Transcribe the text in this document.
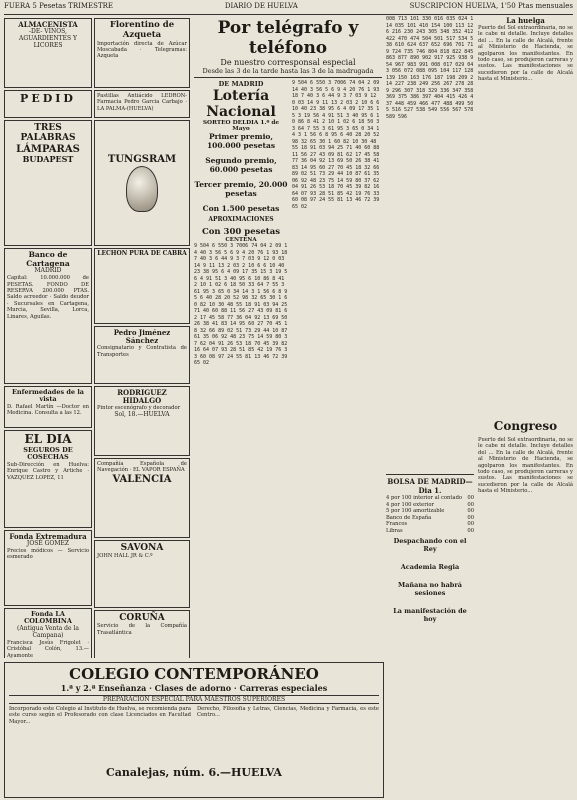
FUERA 5 Pesetas TRIMESTRE	DIARIO DE HUELVA	SUSCRIPCION HUELVA, 1'50 Ptas mensuales
ALMACENISTA
-DE- VINOS, AGUARDIENTES Y LICORES
PEDID
TRES PALABRAS
LÁMPARAS
BUDAPEST
Banco de Cartagena
MADRID
Capital: 10.000.000 de PESETAS. FONDO DE RESERVA 200.000 PTAS. Saldo acreedor · Saldo deudor · Sucursales en Cartagena, Murcia, Sevilla, Lorca, Linares, Aguilas.
Enfermedades de la vista
D. Rafael Martín —Doctor en Medicina. Consulta a las 12.
EL DIA
SEGUROS DE COSECHAS
Sub-Dirección en Huelva: Enrique Castro y Artiche · VAZQUEZ LOPEZ, 11
Fonda Extremadura
JOSÉ GOMEZ
Precios módicos — Servicio esmerado
Fonda LA COLOMBINA
(Antigua Venta de la Campana)
Francisca Jesús Frigolet · Cristóbal Colón, 13.—Ayamonte
Florentino de Azqueta
Importación directa de Azúcar Moscabada · Telegramas: Azqueta
Pastillas Antiácido LEDRON-Farmacia Pedro Garcia Carbajo · LA PALMA-(HUELVA)
TUNGSRAM
LECHON PURA DE CABRA
Pedro Jiménez Sánchez
Consignatario y Contratista de Transportes
RODRIGUEZ HIDALGO
Pintor escenógrafo y decorador
Sol, 18.—HUELVA
Compañía Española de Navegación · EL VAPOR ESPAÑA
VALENCIA
SAVONA
JOHN HALL JR & C.º
CORUÑA
Servicio de la Compañía Trasatlántica
Por telégrafo y teléfono
De nuestro corresponsal especial
Desde las 3 de la tarde hasta las 3 de la madrugada
DE MADRID
Lotería Nacional
SORTEO DELDIA 1.º de Mayo
Primer premio, 100.000 pesetas
Segundo premio, 60.000 pesetas
Tercer premio, 20.000 pesetas
Con 1.500 pesetas
APROXIMACIONES
Con 300 pesetas
CENTENA
9 504 6 550 3 7006 74 04 2 09 14 40 3 56 5 6 9 4 20 76 1 93 18 7 40 3 6 44 9 3 7 03 9 12 0 03 14 9 11 13 2 03 2 10 6 6 10 40 23 38 95 6 4 09 17 35 15 3 19 56 4 91 51 3 40 95 6 10 86 8 41 2 10 1 02 6 18 50 33 64 7 55 3 61 95 3 65 0 34 14 3 1 56 6 8 95 6 40 28 20 52 98 32 65 30 1 60 82 10 30 48 55 18 91 03 94 25 71 40 60 88 11 56 27 43 09 81 62 17 45 58 77 36 04 92 13 69 50 26 38 41 83 14 95 60 27 70 45 18 32 66 89 02 51 73 29 44 10 87 61 35 06 92 48 23 75 14 59 80 37 62 04 91 26 53 18 70 45 39 82 16 64 07 93 28 51 85 42 19 76 33 60 08 97 24 55 81 13 46 72 39 65 02
9 504 6 550 3 7006 74 04 2 09 14 40 3 56 5 6 9 4 20 76 1 93 18 7 40 3 6 44 9 3 7 03 9 12 0 03 14 9 11 13 2 03 2 10 6 6 10 40 23 38 95 6 4 09 17 35 15 3 19 56 4 91 51 3 40 95 6 10 86 8 41 2 10 1 02 6 18 50 33 64 7 55 3 61 95 3 65 0 34 14 3 1 56 6 8 95 6 40 28 20 52 98 32 65 30 1 60 82 10 30 48 55 18 91 03 94 25 71 40 60 88 11 56 27 43 09 81 62 17 45 58 77 36 04 92 13 69 50 26 38 41 83 14 95 60 27 70 45 18 32 66 89 02 51 73 29 44 10 87 61 35 06 92 48 23 75 14 59 80 37 62 04 91 26 53 18 70 45 39 82 16 64 07 93 28 51 85 42 19 76 33 60 08 97 24 55 81 13 46 72 39 65 02
008 713 101 330 016 035 024 114 035 101 410 154 100 113 126 216 230 243 305 348 352 412 422 470 474 504 501 517 534 538 610 624 637 652 696 701 719 724 735 746 804 818 822 845 863 877 890 902 917 925 938 954 967 983 991 008 017 029 043 056 072 088 095 104 117 128 139 150 163 176 187 198 209 214 227 238 249 256 267 278 289 296 307 318 329 336 347 358 369 375 386 397 404 415 426 437 448 459 466 477 488 499 505 516 527 538 549 556 567 578 589 596
BOLSA DE MADRID—Dia 1.
4 por 100 interior al contado 00
4 por 100 exterior	00
5 por 100 amortizable	00
Banco de España	00
Francos	00
Libras	00
Despachando con el Rey
Academia Regia
Mañana no habrá sesiones
La manifestación de hoy
La huelga
Puerto del Sol extraordinaria, no se le cabe ni detalle. Incluye detalles del ... En la calle de Alcalá, frente al Ministerio de Hacienda, se agolparon los manifestantes. En todo caso, se produjeron carreras y sustos. Las manifestaciones se sucedieron por la calle de Alcalá hasta el Ministerio...
Congreso
Puerto del Sol extraordinaria, no se le cabe ni detalle. Incluye detalles del ... En la calle de Alcalá, frente al Ministerio de Hacienda, se agolparon los manifestantes. En todo caso, se produjeron carreras y sustos. Las manifestaciones se sucedieron por la calle de Alcalá hasta el Ministerio...
COLEGIO CONTEMPORÁNEO
1.ª y 2.ª Enseñanza · Clases de adorno · Carreras especiales
PREPARACION ESPECIAL PARA MAESTROS SUPERIORES
Incorporado este Colegio al Instituto de Huelva, se recomienda para este curso según el Profesorado con clase Licenciados en Facultad Mayor...
Derecho, Filosofía y Letras, Ciencias, Medicina y Farmacia, es este Centro...
Canalejas, núm. 6.—HUELVA
